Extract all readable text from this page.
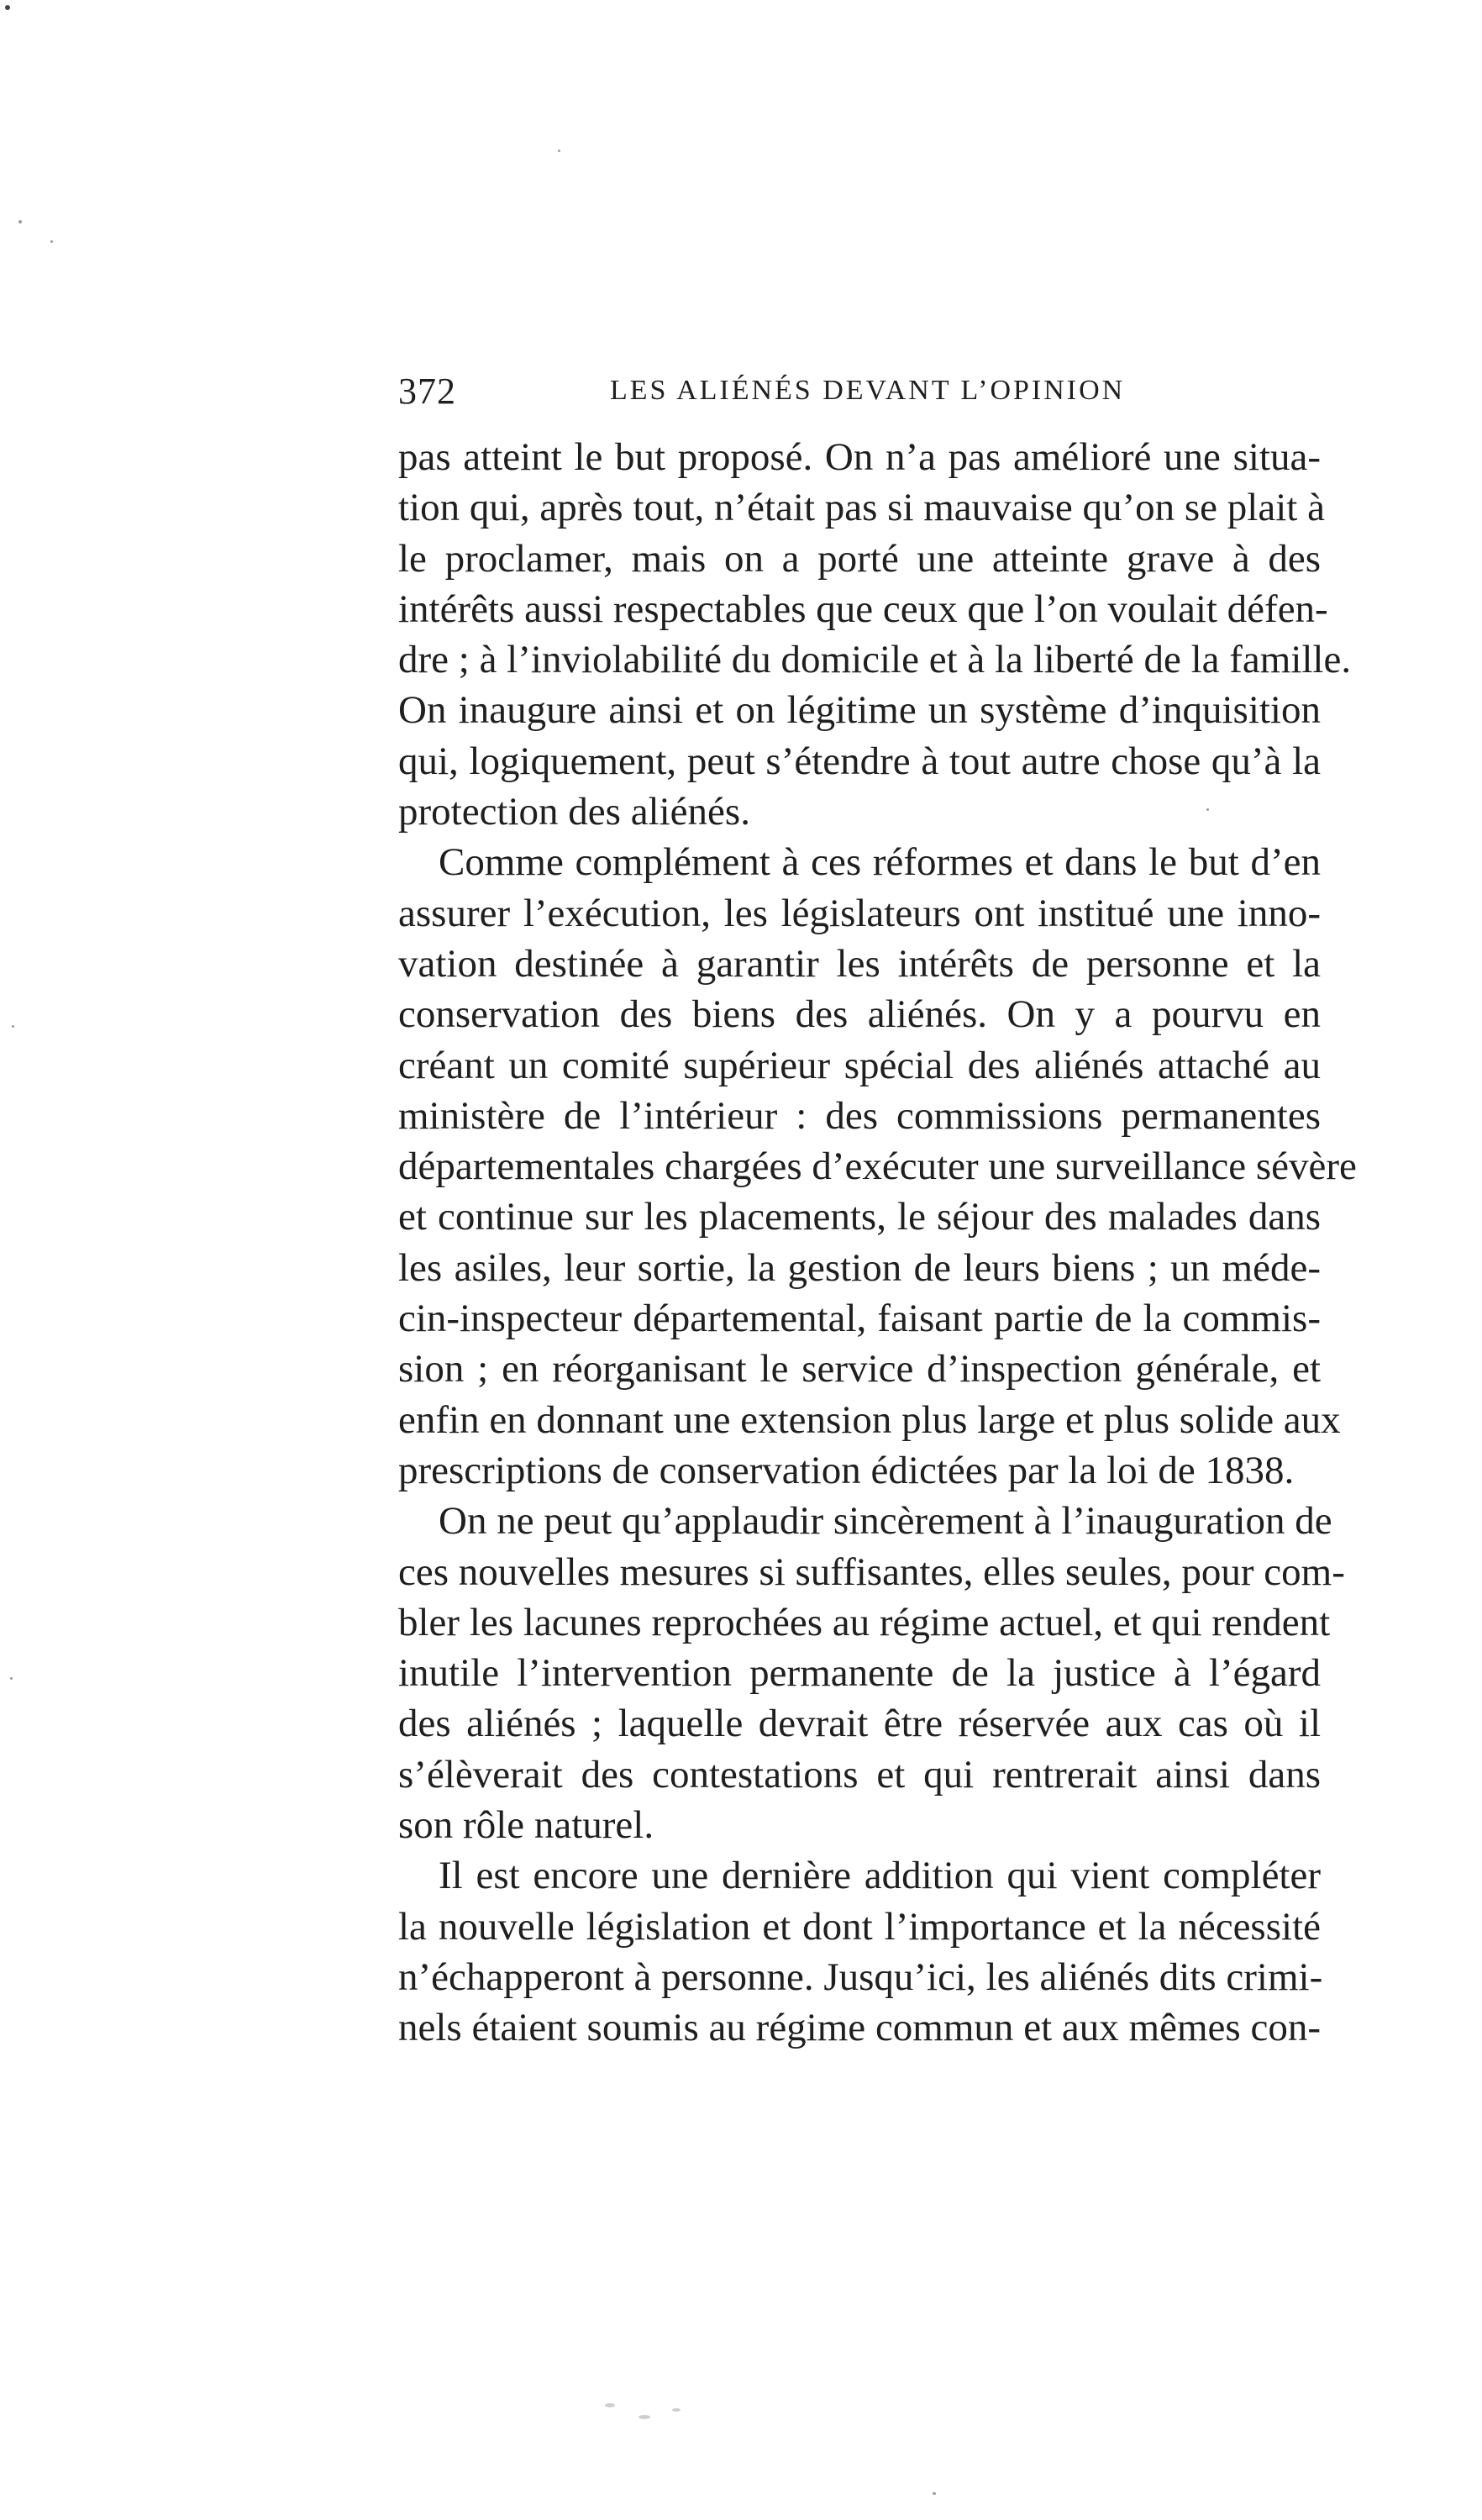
372	LES ALIÉNÉS DEVANT L’OPINION
pas atteint le but proposé. On n’a pas amélioré une situa-
tion qui, après tout, n’était pas si mauvaise qu’on se plait à
le proclamer, mais on a porté une atteinte grave à des
intérêts aussi respectables que ceux que l’on voulait défen-
dre ; à l’inviolabilité du domicile et à la liberté de la famille.
On inaugure ainsi et on légitime un système d’inquisition
qui, logiquement, peut s’étendre à tout autre chose qu’à la
protection des aliénés.
Comme complément à ces réformes et dans le but d’en
assurer l’exécution, les législateurs ont institué une inno-
vation destinée à garantir les intérêts de personne et la
conservation des biens des aliénés. On y a pourvu en
créant un comité supérieur spécial des aliénés attaché au
ministère de l’intérieur : des commissions permanentes
départementales chargées d’exécuter une surveillance sévère
et continue sur les placements, le séjour des malades dans
les asiles, leur sortie, la gestion de leurs biens ; un méde-
cin-inspecteur départemental, faisant partie de la commis-
sion ; en réorganisant le service d’inspection générale, et
enfin en donnant une extension plus large et plus solide aux
prescriptions de conservation édictées par la loi de 1838.
On ne peut qu’applaudir sincèrement à l’inauguration de
ces nouvelles mesures si suffisantes, elles seules, pour com-
bler les lacunes reprochées au régime actuel, et qui rendent
inutile l’intervention permanente de la justice à l’égard
des aliénés ; laquelle devrait être réservée aux cas où il
s’élèverait des contestations et qui rentrerait ainsi dans
son rôle naturel.
Il est encore une dernière addition qui vient compléter
la nouvelle législation et dont l’importance et la nécessité
n’échapperont à personne. Jusqu’ici, les aliénés dits crimi-
nels étaient soumis au régime commun et aux mêmes con-
